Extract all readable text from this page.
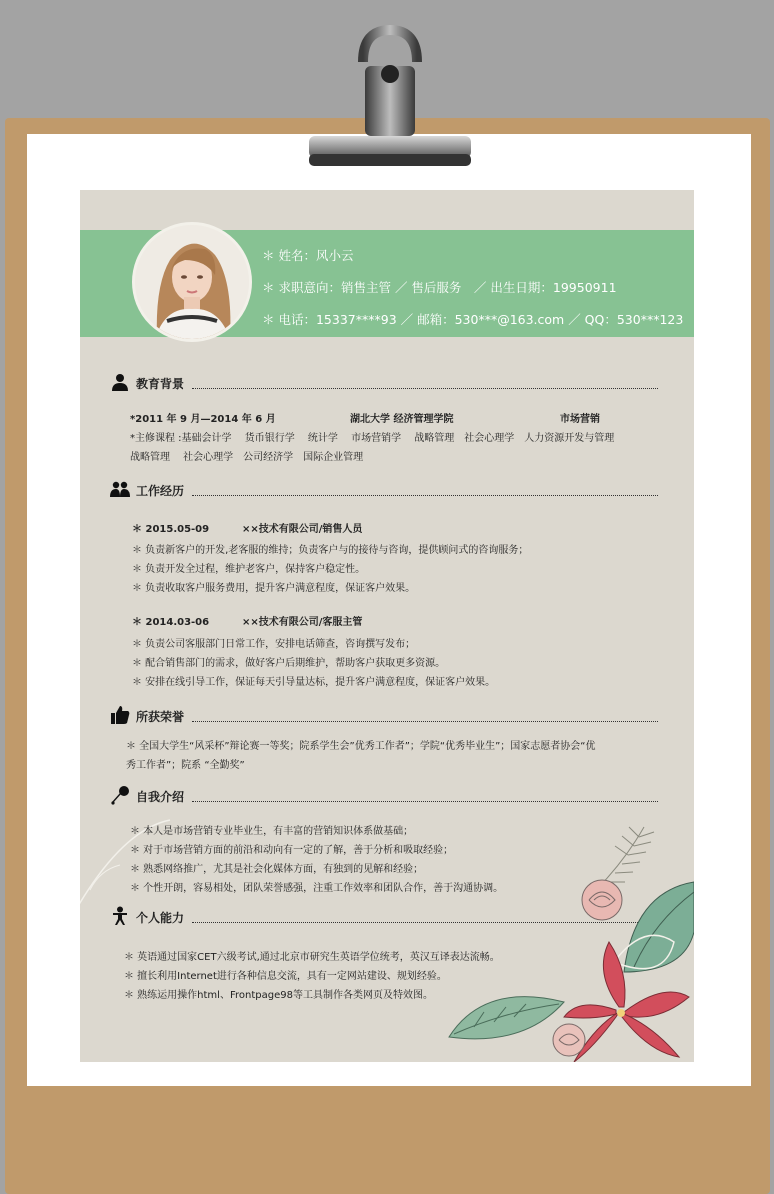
＊ 姓名：风小云
＊ 求职意向：销售主管 ／ 售后服务　／ 出生日期：19950911
＊ 电话：15337****93 ／ 邮箱：530***@163.com ／ QQ：530***123
教育背景
*2011 年 9 月—2014 年 6 月	湖北大学 经济管理学院	市场营销
*主修课程 :基础会计学　 货币银行学　 统计学　 市场营销学　 战略管理　社会心理学　人力资源开发与管理
战略管理　 社会心理学　公司经济学　国际企业管理
工作经历
＊ 2015.05-09	××技术有限公司/销售人员
＊ 负责新客户的开发,老客服的维持；负责客户与的接待与咨询，提供顾问式的咨询服务；
＊ 负责开发全过程，维护老客户，保持客户稳定性。
＊ 负责收取客户服务费用，提升客户满意程度，保证客户效果。
＊ 2014.03-06	××技术有限公司/客服主管
＊ 负责公司客服部门日常工作，安排电话筛查，咨询撰写发布；
＊ 配合销售部门的需求，做好客户后期维护，帮助客户获取更多资源。
＊ 安排在线引导工作，保证每天引导量达标，提升客户满意程度，保证客户效果。
所获荣誉
＊ 全国大学生“风采杯”辩论赛一等奖；院系学生会”优秀工作者”；学院“优秀毕业生”；国家志愿者协会“优
秀工作者”；院系 “全勤奖”
自我介绍
＊ 本人是市场营销专业毕业生，有丰富的营销知识体系做基础；
＊ 对于市场营销方面的前沿和动向有一定的了解，善于分析和吸取经验；
＊ 熟悉网络推广，尤其是社会化媒体方面，有独到的见解和经验；
＊ 个性开朗，容易相处，团队荣誉感强，注重工作效率和团队合作，善于沟通协调。
个人能力
＊ 英语通过国家CET六级考试,通过北京市研究生英语学位统考，英汉互译表达流畅。
＊ 擅长利用Internet进行各种信息交流，具有一定网站建设、规划经验。
＊ 熟练运用操作html、Frontpage98等工具制作各类网页及特效图。
